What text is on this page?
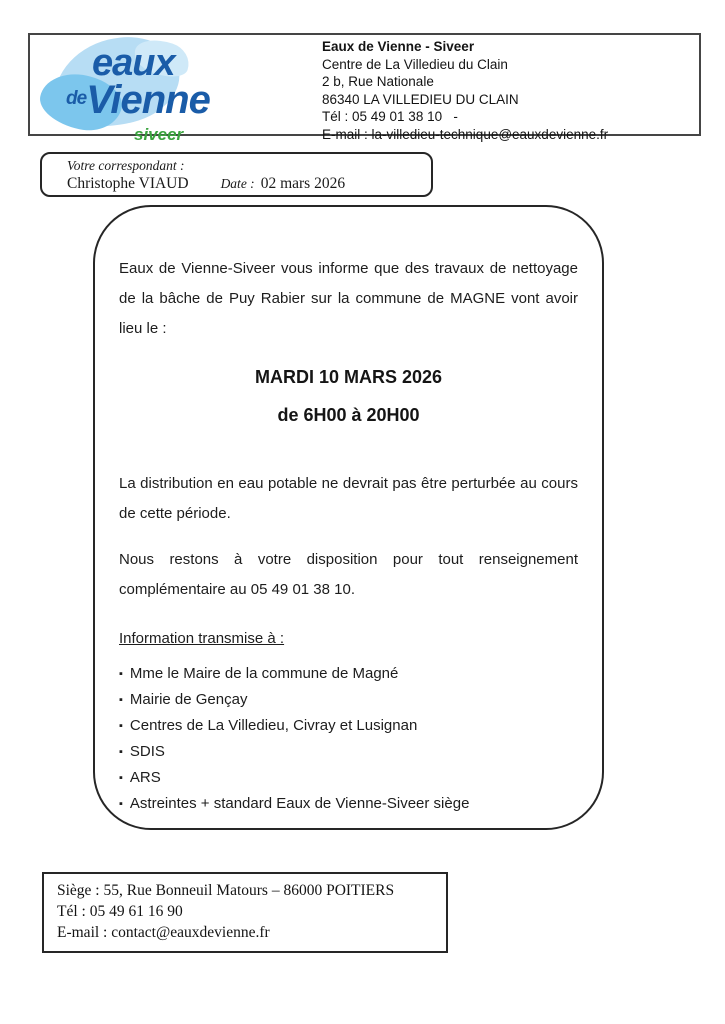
eaux
deVienne
siveer
Eaux de Vienne - Siveer
Centre de La Villedieu du Clain
2 b, Rue Nationale
86340 LA VILLEDIEU DU CLAIN
Tél : 05 49 01 38 10   -
E-mail : la-villedieu-technique@eauxdevienne.fr
Votre correspondant :
Christophe VIAUD Date : 02 mars 2026

Eaux de Vienne-Siveer vous informe que des travaux de nettoyage de la bâche de Puy Rabier sur la commune de MAGNE vont avoir lieu le :

MARDI 10 MARS 2026
de 6H00 à 20H00

La distribution en eau potable ne devrait pas être perturbée au cours de cette période.

Nous restons à votre disposition pour tout renseignement complémentaire au 05 49 01 38 10.

Information transmise à :
▪ Mme le Maire de la commune de Magné
▪ Mairie de Gençay
▪ Centres de La Villedieu, Civray et Lusignan
▪ SDIS
▪ ARS
▪ Astreintes + standard Eaux de Vienne-Siveer siège
Siège : 55, Rue Bonneuil Matours – 86000 POITIERS
Tél : 05 49 61 16 90
E-mail : contact@eauxdevienne.fr
